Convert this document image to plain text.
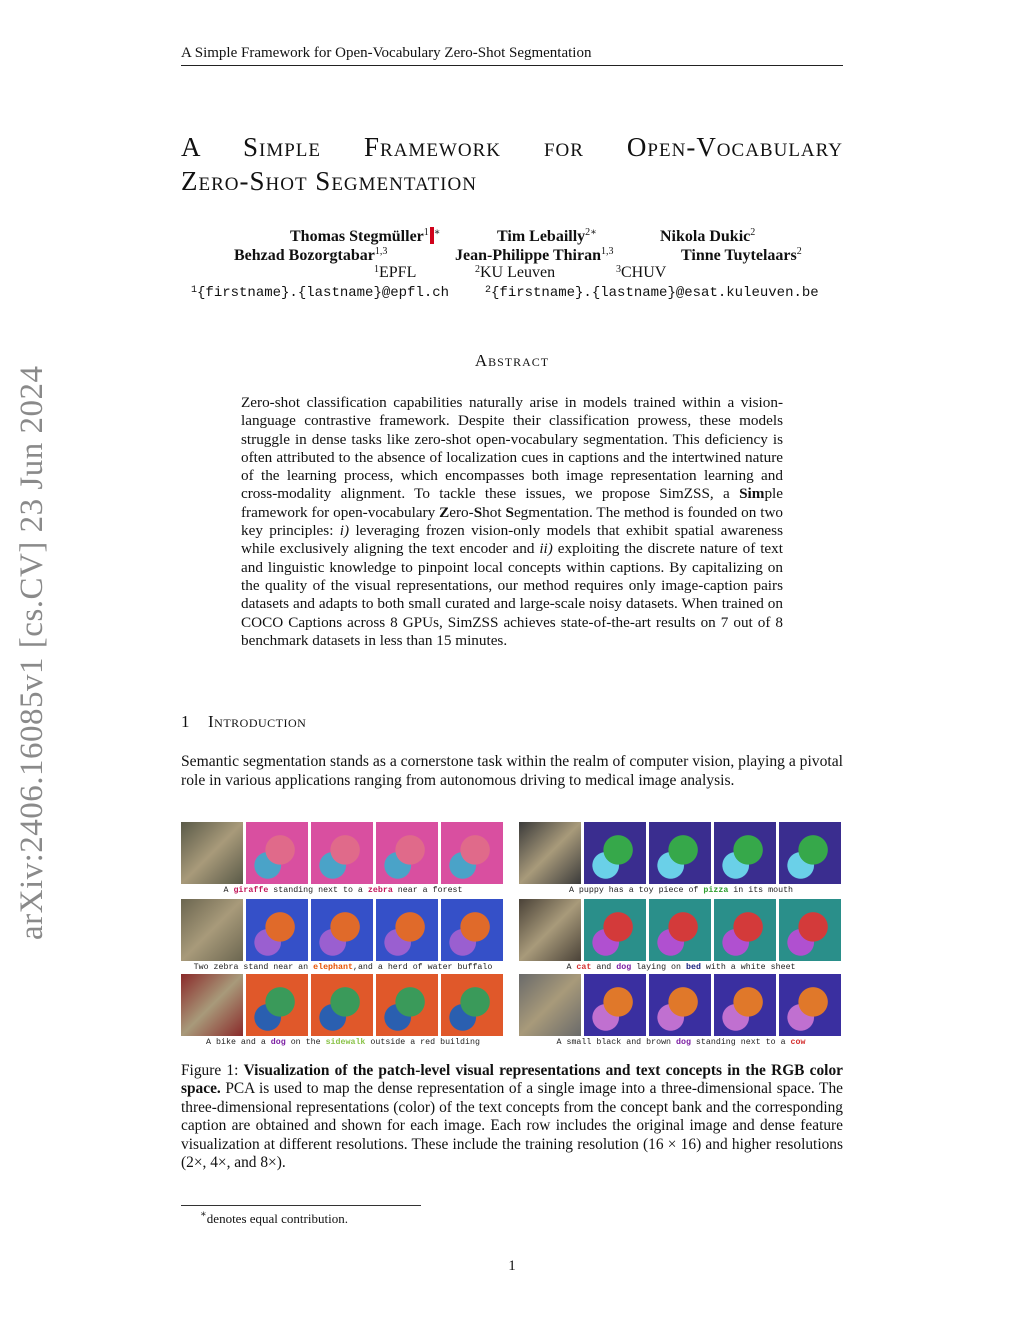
A Simple Framework for Open-Vocabulary Zero-Shot Segmentation
A Simple Framework for Open-Vocabulary
Zero-Shot Segmentation
Thomas Stegmüller$^1$ ∗	Tim Lebailly$^{2∗}$	Nikola Dukic$^2$
Behzad Bozorgtabar$^{1,3}$	Jean-Philippe Thiran$^{1,3}$	Tinne Tuytelaars$^2$
$^1$ EPFL	$^2$ KU Leuven	$^3$ CHUV
$^1$ {firstname}.{lastname}@epfl.ch	$^2$ {firstname}.{lastname}@esat.kuleuven.be
arXiv:2406.16085v1 [cs.CV] 23 Jun 2024
Abstract
Zero-shot classification capabilities naturally arise in models trained within a vision-language contrastive framework. Despite their classification prowess, these models struggle in dense tasks like zero-shot open-vocabulary segmentation. This deficiency is often attributed to the absence of localization cues in captions and the intertwined nature of the learning process, which encompasses both image representation learning and cross-modality alignment. To tackle these issues, we propose SimZSS, a Simple framework for open-vocabulary Zero-Shot Segmentation. The method is founded on two key principles: i) leveraging frozen vision-only models that exhibit spatial awareness while exclusively aligning the text encoder and ii) exploiting the discrete nature of text and linguistic knowledge to pinpoint local concepts within captions. By capitalizing on the quality of the visual representations, our method requires only image-caption pairs datasets and adapts to both small curated and large-scale noisy datasets. When trained on COCO Captions across 8 GPUs, SimZSS achieves state-of-the-art results on 7 out of 8 benchmark datasets in less than 15 minutes.
1 Introduction
Semantic segmentation stands as a cornerstone task within the realm of computer vision, playing a pivotal role in various applications ranging from autonomous driving to medical image analysis.
A giraffe standing next to a zebra near a forest	A puppy has a toy piece of pizza in its mouth
Two zebra stand near an elephant,and a herd of water buffalo	A cat and dog laying on bed with a white sheet
A bike and a dog on the sidewalk outside a red building	A small black and brown dog standing next to a cow
Figure 1: Visualization of the patch-level visual representations and text concepts in the RGB color space. PCA is used to map the dense representation of a single image into a three-dimensional space. The three-dimensional representations (color) of the text concepts from the concept bank and the corresponding caption are obtained and shown for each image. Each row includes the original image and dense feature visualization at different resolutions. These include the training resolution (16 × 16) and higher resolutions (2×, 4×, and 8×).
∗denotes equal contribution.
1
